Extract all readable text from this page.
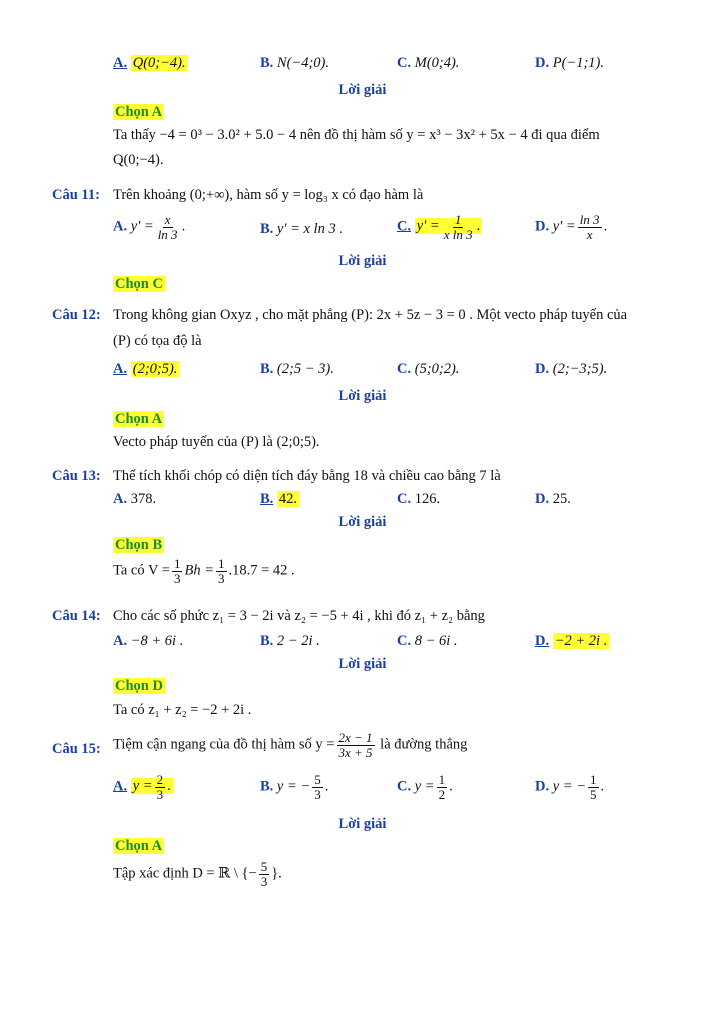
A. Q(0;−4).	B. N(−4;0).	C. M(0;4).	D. P(−1;1).
Lời giải
Chọn A
Ta thấy −4 = 0³ − 3.0² + 5.0 − 4 nên đồ thị hàm số y = x³ − 3x² + 5x − 4 đi qua điểm
Q(0;−4).
Câu 11: Trên khoảng (0;+∞), hàm số y = log₃ x có đạo hàm là
A. $y' = \frac{x}{\ln 3}$ .	B. y' = x ln 3 .	C. $y' = \frac{1}{\text{x ln 3}}$ .	D. $y' = \frac{\ln 3}{x}$ .
Lời giải
Chọn C
Câu 12: Trong không gian Oxyz , cho mặt phẳng (P): 2x + 5z − 3 = 0 . Một vecto pháp tuyến của
(P) có tọa độ là
A. (2;0;5).	B. (2;5 − 3).	C. (5;0;2).	D. (2;−3;5).
Lời giải
Chọn A
Vecto pháp tuyến của (P) là (2;0;5).
Câu 13: Thể tích khối chóp có diện tích đáy bằng 18 và chiều cao bằng 7 là
A. 378.	B. 42.	C. 126.	D. 25.
Lời giải
Chọn B
Ta có $V = \frac{1}{3}$ $Bh = \frac{1}{3} .18.7 = 42$ .
Câu 14: Cho các số phức z₁ = 3 − 2i và z₂ = −5 + 4i , khi đó z₁ + z₂ bằng
A. −8 + 6i .	B. 2 − 2i .	C. 8 − 6i .	D. −2 + 2i .
Lời giải
Chọn D
Ta có z₁ + z₂ = −2 + 2i .
Câu 15: Tiệm cận ngang của đồ thị hàm số $y = \frac{2x - 1}{3x + 5}$ là đường thẳng
A. $y = \frac{2}{3}$ .	B. y = − $\frac{5}{3}$ .	C. $y = \frac{1}{2}$ .	D. y = − $\frac{1}{5}$ .
Lời giải
Chọn A
Tập xác định D = ℝ \ {− $\frac{5}{3}$ }.
